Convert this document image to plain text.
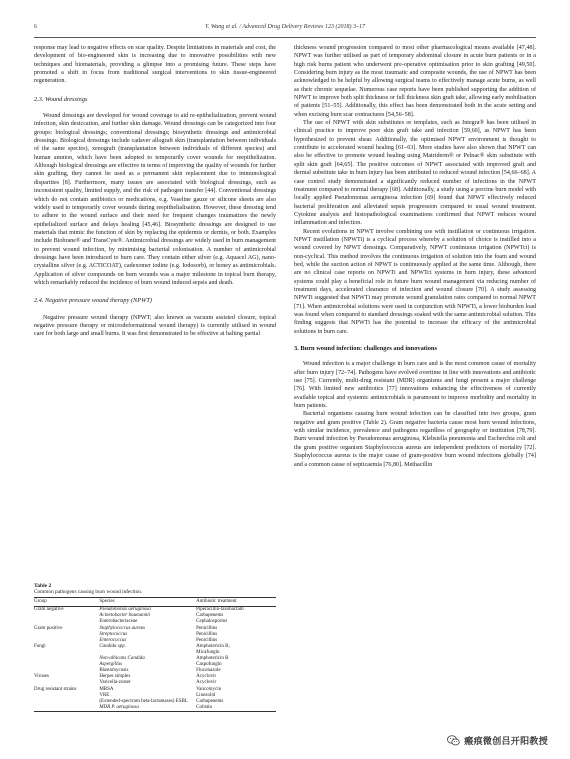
6	Y. Wang et al. / Advanced Drug Delivery Reviews 123 (2018) 3–17

response may lead to negative effects on scar quality. Despite limitations in materials and cost, the development of bio-engineered skin is increasing due to innovative possibilities with new techniques and biomaterials, providing a glimpse into a promising future. These steps have promoted a shift in focus from traditional surgical interventions to skin tissue-engineered regeneration.

2.3. Wound dressings

Wound dressings are developed for wound coverage to aid re-epithelialization, prevent wound infection, skin desiccation, and further skin damage. Wound dressings can be categorized into four groups: biological dressings; conventional dressings; biosynthetic dressings and antimicrobial dressings. Biological dressings include cadaver allograft skin (transplantation between individuals of the same species), xenograft (transplantation between individuals of different species) and human amnion, which have been adopted to temporarily cover wounds for reepithelization. Although biological dressings are effective in terms of improving the quality of wounds for further skin grafting, they cannot be used as a permanent skin replacement due to immunological disparities [8]. Furthermore, many issues are associated with biological dressings, such as inconsistent quality, limited supply, and the risk of pathogen transfer [44]. Conventional dressings which do not contain antibiotics or medications, e.g. Vaseline gauze or silicone sheets are also widely used to temporarily cover wounds during reepithelialisation. However, these dressing tend to adhere to the wound surface and their need for frequent changes traumatizes the newly epithelialized surface and delays healing [45,46]. Biosynthetic dressings are designed to use materials that mimic the function of skin by replacing the epidermis or dermis, or both. Examples include Biobrane® and TransCyte®. Antimicrobial dressings are widely used in burn management to prevent wound infection, by minimising bacterial colonisation. A number of antimicrobial dressings have been introduced to burn care. They contain either silver (e.g. Aquacel AG), nano-crystalline silver (e.g. ACTICOAT), cadexomer iodine (e.g. Iodosorb), or honey as antimicrobials. Application of silver compounds on burn wounds was a major milestone in topical burn therapy, which remarkably reduced the incidence of burn wound induced sepsis and death.

2.4. Negative pressure wound therapy (NPWT)

Negative pressure wound therapy (NPWT; also known as vacuum assisted closure, topical negative pressure therapy or microdeformational wound therapy) is currently utilised in wound care for both large and small burns. It was first demonstrated to be effective at halting partial

Table 2
Common pathogens causing burn wound infection.
Group	Species	Antibiotic treatment
Gram negative	Pseudomonas aeruginosa	Piperacillin-tazobactam
	Acinetobacter baumannii	Carbapenems
	Enterobacteriaceae	Cephalosporins
Gram positive	Staphylococcus aureus	Penicillins
	Streptococcus	Penicillins
	Enterococcus	Penicillins
Fungi	Candida spp.	Amphotericin B,
		Micafungin
	Non-albicans Candida	Amphotericin B
	Aspergillus	Caspofungin
	Blastomycosis	Fluconazole
Viruses	Herpes simplex	Acyclovir
	Varicella-zoster	Acyclovir
Drug resistant strains	MRSA	Vancomycin
	VRE	Linezolid
	(Extended-spectrum beta-lactamases) ESBL	Carbapenems
	MDR P. aeruginosa	Colistin

thickness wound progression compared to most other pharmacological means available [47,48]. NPWT was further utilised as part of temporary abdominal closure in acute burn patients or in a high risk burns patient who underwent pre-operative optimisation prior to skin grafting [49,50]. Considering burn injury as the most traumatic and composite wounds, the use of NPWT has been acknowledged to be helpful by allowing surgical teams to effectively manage acute burns, as well as their chronic sequelae. Numerous case reports have been published supporting the addition of NPWT to improve both split thickness or full thickness skin graft take, allowing early mobilisation of patients [51–55]. Additionally, this effect has been demonstrated both in the acute setting and when excising burn scar contractures [54,56–58].

The use of NPWT with skin substitutes or templates, such as Integra® has been utilised in clinical practice to improve poor skin graft take and infection [59,60], as NPWT has been hypothesized to prevent shear. Additionally, the optimised NPWT environment is thought to contribute to accelerated wound healing [61–63]. More studies have also shown that NPWT can also be effective to promote wound healing using Matriderm® or Pelnac® skin substitute with split skin graft [64,65]. The positive outcomes of NPWT associated with improved graft and dermal substitute take in burn injury has been attributed to reduced wound infection [54,66–68]. A case control study demonstrated a significantly reduced number of infections in the NPWT treatment compared to normal therapy [68]. Additionally, a study using a porcine burn model with locally applied Pseudomonas aeruginosa infection [69] found that NPWT effectively reduced bacterial proliferation and alleviated sepsis progression compared to usual wound treatment. Cytokine analysis and histopathological examinations confirmed that NPWT reduces wound inflammation and infection.

Recent evolutions in NPWT involve combining use with instillation or continuous irrigation. NPWT instillation (NPWTi) is a cyclical process whereby a solution of choice is instilled into a wound covered by NPWT dressings. Comparatively, NPWT continuous irrigation (NPWTci) is non-cyclical. This method involves the continuous irrigation of solution into the foam and wound bed, while the suction action of NPWT is continuously applied at the same time. Although, there are no clinical case reports on NPWTi and NPWTci systems in burn injury, these advanced systems could play a beneficial role in future burn wound management via reducing number of treatment days, accelerated clearance of infection and wound closure [70]. A study assessing NPWTi suggested that NPWTi may promote wound granulation rates compared to normal NPWT [71]. When antimicrobial solutions were used in conjunction with NPWTi, a lower bioburden load was found when compared to standard dressings soaked with the same antimicrobial solution. This finding suggests that NPWTi has the potential to increase the efficacy of the antimicrobial solutions in burn care.

3. Burn wound infection: challenges and innovations

Wound infection is a major challenge in burn care and is the most common cause of mortality after burn injury [72–74]. Pathogens have evolved overtime in line with innovations and antibiotic use [75]. Currently, multi-drug resistant (MDR) organisms and fungi present a major challenge [76]. With limited new antibiotics [77] innovations enhancing the effectiveness of currently available topical and systemic antimicrobials is paramount to improve morbidity and mortality in burn patients.

Bacterial organisms causing burn wound infection can be classified into two groups, gram negative and gram positive (Table 2). Gram negative bacteria cause most burn wound infections, with similar incidence, prevalence and pathogens regardless of geography or institution [78,79]. Burn wound infection by Pseudomonas aeruginosa, Klebsiella pneumonia and Escherchia coli and the gram positive organism Staphylococcus aureus are independent predictors of mortality [72]. Staphylococcus aureus is the major cause of gram-positive burn wound infections globally [74] and a common cause of septicaemia [76,80]. Methacillin

瘢痕微创吕开阳教授
